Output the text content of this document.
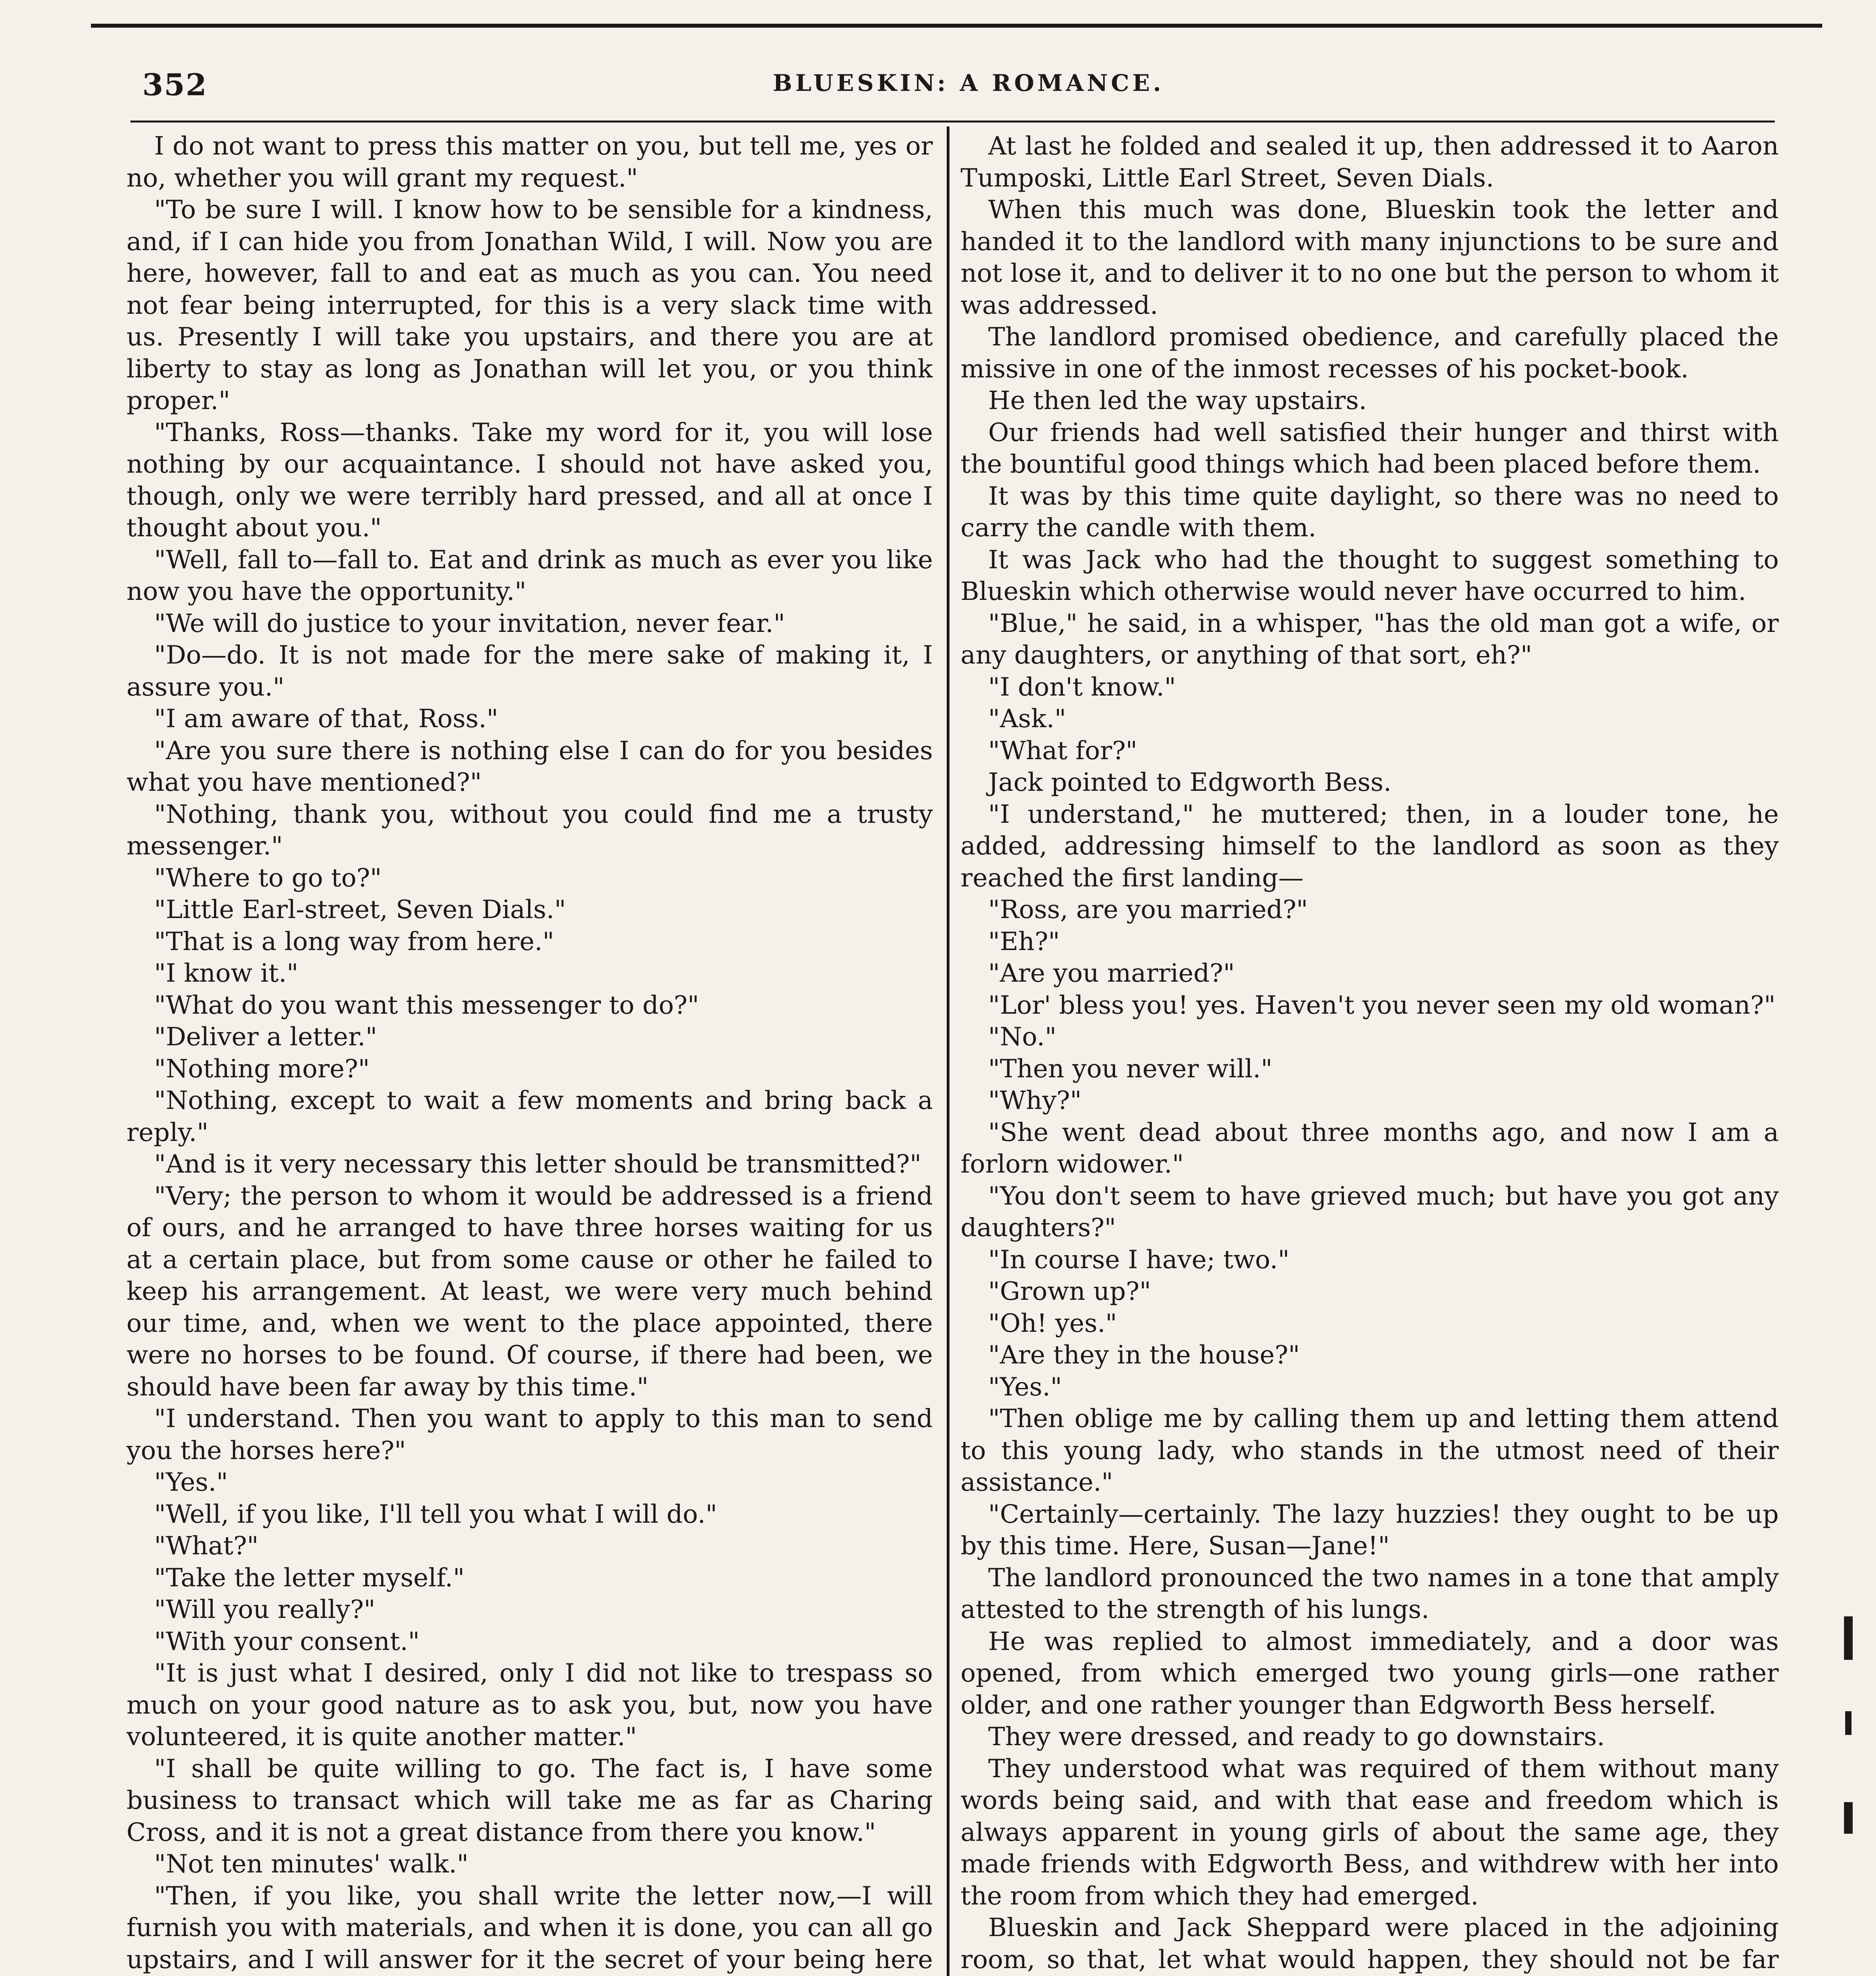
352	BLUESKIN: A ROMANCE.

I do not want to press this matter on you, but tell me, yes or no, whether you will grant my request."

"To be sure I will. I know how to be sensible for a kindness, and, if I can hide you from Jonathan Wild, I will. Now you are here, however, fall to and eat as much as you can. You need not fear being interrupted, for this is a very slack time with us. Presently I will take you upstairs, and there you are at liberty to stay as long as Jonathan will let you, or you think proper."

"Thanks, Ross—thanks. Take my word for it, you will lose nothing by our acquaintance. I should not have asked you, though, only we were terribly hard pressed, and all at once I thought about you."

"Well, fall to—fall to. Eat and drink as much as ever you like now you have the opportunity."

"We will do justice to your invitation, never fear."

"Do—do. It is not made for the mere sake of making it, I assure you."

"I am aware of that, Ross."

"Are you sure there is nothing else I can do for you besides what you have mentioned?"

"Nothing, thank you, without you could find me a trusty messenger."

"Where to go to?"

"Little Earl-street, Seven Dials."

"That is a long way from here."

"I know it."

"What do you want this messenger to do?"

"Deliver a letter."

"Nothing more?"

"Nothing, except to wait a few moments and bring back a reply."

"And is it very necessary this letter should be transmitted?"

"Very; the person to whom it would be addressed is a friend of ours, and he arranged to have three horses waiting for us at a certain place, but from some cause or other he failed to keep his arrangement. At least, we were very much behind our time, and, when we went to the place appointed, there were no horses to be found. Of course, if there had been, we should have been far away by this time."

"I understand. Then you want to apply to this man to send you the horses here?"

"Yes."

"Well, if you like, I'll tell you what I will do."

"What?"

"Take the letter myself."

"Will you really?"

"With your consent."

"It is just what I desired, only I did not like to trespass so much on your good nature as to ask you, but, now you have volunteered, it is quite another matter."

"I shall be quite willing to go. The fact is, I have some business to transact which will take me as far as Charing Cross, and it is not a great distance from there you know."

"Not ten minutes' walk."

"Then, if you like, you shall write the letter now,—I will furnish you with materials, and when it is done, you can all go upstairs, and I will answer for it the secret of your being here

At last he folded and sealed it up, then addressed it to Aaron Tumposki, Little Earl Street, Seven Dials.

When this much was done, Blueskin took the letter and handed it to the landlord with many injunctions to be sure and not lose it, and to deliver it to no one but the person to whom it was addressed.

The landlord promised obedience, and carefully placed the missive in one of the inmost recesses of his pocket-book.

He then led the way upstairs.

Our friends had well satisfied their hunger and thirst with the bountiful good things which had been placed before them.

It was by this time quite daylight, so there was no need to carry the candle with them.

It was Jack who had the thought to suggest something to Blueskin which otherwise would never have occurred to him.

"Blue," he said, in a whisper, "has the old man got a wife, or any daughters, or anything of that sort, eh?"

"I don't know."

"Ask."

"What for?"

Jack pointed to Edgworth Bess.

"I understand," he muttered; then, in a louder tone, he added, addressing himself to the landlord as soon as they reached the first landing—

"Ross, are you married?"

"Eh?"

"Are you married?"

"Lor' bless you! yes. Haven't you never seen my old woman?"

"No."

"Then you never will."

"Why?"

"She went dead about three months ago, and now I am a forlorn widower."

"You don't seem to have grieved much; but have you got any daughters?"

"In course I have; two."

"Grown up?"

"Oh! yes."

"Are they in the house?"

"Yes."

"Then oblige me by calling them up and letting them attend to this young lady, who stands in the utmost need of their assistance."

"Certainly—certainly. The lazy huzzies! they ought to be up by this time. Here, Susan—Jane!"

The landlord pronounced the two names in a tone that amply attested to the strength of his lungs.

He was replied to almost immediately, and a door was opened, from which emerged two young girls—one rather older, and one rather younger than Edgworth Bess herself.

They were dressed, and ready to go downstairs.

They understood what was required of them without many words being said, and with that ease and freedom which is always apparent in young girls of about the same age, they made friends with Edgworth Bess, and withdrew with her into the room from which they had emerged.

Blueskin and Jack Sheppard were placed in the adjoining room, so that, let what would happen, they should not be far
